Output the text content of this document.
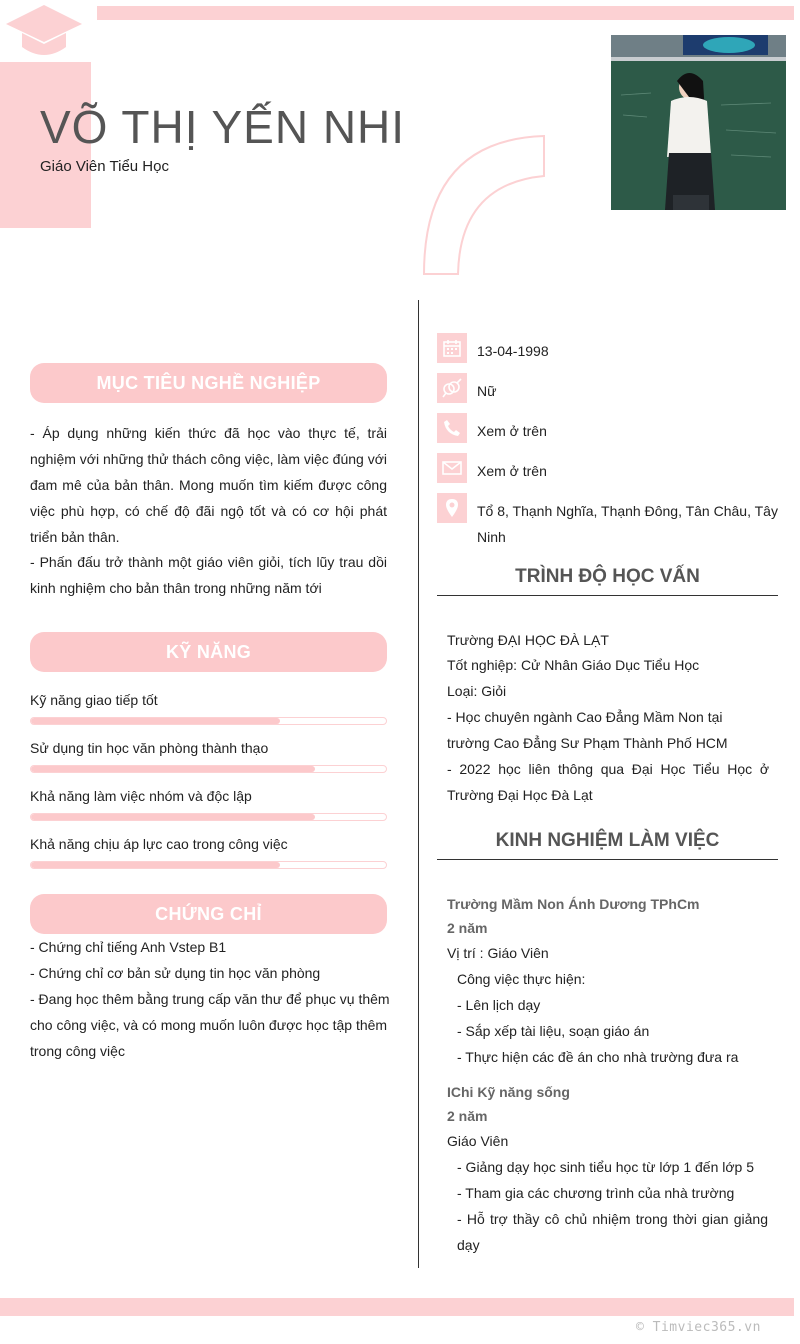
VÕ THỊ YẾN NHI
Giáo Viên Tiểu Học
MỤC TIÊU NGHỀ NGHIỆP
- Áp dụng những kiến thức đã học vào thực tế, trải nghiệm với những thử thách công việc, làm việc đúng với đam mê của bản thân. Mong muốn tìm kiếm được công việc phù hợp, có chế độ đãi ngộ tốt và có cơ hội phát triển bản thân.
- Phấn đấu trở thành một giáo viên giỏi, tích lũy trau dồi kinh nghiệm cho bản thân trong những năm tới
KỸ NĂNG
Kỹ năng giao tiếp tốt
Sử dụng tin học văn phòng thành thạo
Khả năng làm việc nhóm và độc lập
Khả năng chịu áp lực cao trong công việc
CHỨNG CHỈ
- Chứng chỉ tiếng Anh Vstep B1
- Chứng chỉ cơ bản sử dụng tin học văn phòng
- Đang học thêm bằng trung cấp văn thư để phục vụ thêm cho công việc, và có mong muốn luôn được học tập thêm trong công việc
13-04-1998
Nữ
Xem ở trên
Xem ở trên
Tổ 8, Thạnh Nghĩa, Thạnh Đông, Tân Châu, Tây Ninh
TRÌNH ĐỘ HỌC VẤN
Trường ĐẠI HỌC ĐÀ LẠT
Tốt nghiệp: Cử Nhân Giáo Dục Tiểu Học
Loại: Giỏi
- Học chuyên ngành Cao Đẳng Mầm Non tại trường Cao Đẳng Sư Phạm Thành Phố HCM
- 2022 học liên thông qua Đại Học Tiểu Học ở Trường Đại Học Đà Lạt
KINH NGHIỆM LÀM VIỆC
Trường Mầm Non Ánh Dương TPhCm
2 năm
Vị trí : Giáo Viên
Công việc thực hiện:
- Lên lịch dạy
- Sắp xếp tài liệu, soạn giáo án
- Thực hiện các đề án cho nhà trường đưa ra
IChi Kỹ năng sống
2 năm
Giáo Viên
- Giảng dạy học sinh tiểu học từ lớp 1 đến lớp 5
- Tham gia các chương trình của nhà trường
- Hỗ trợ thầy cô chủ nhiệm trong thời gian giảng dạy
© Timviec365.vn
